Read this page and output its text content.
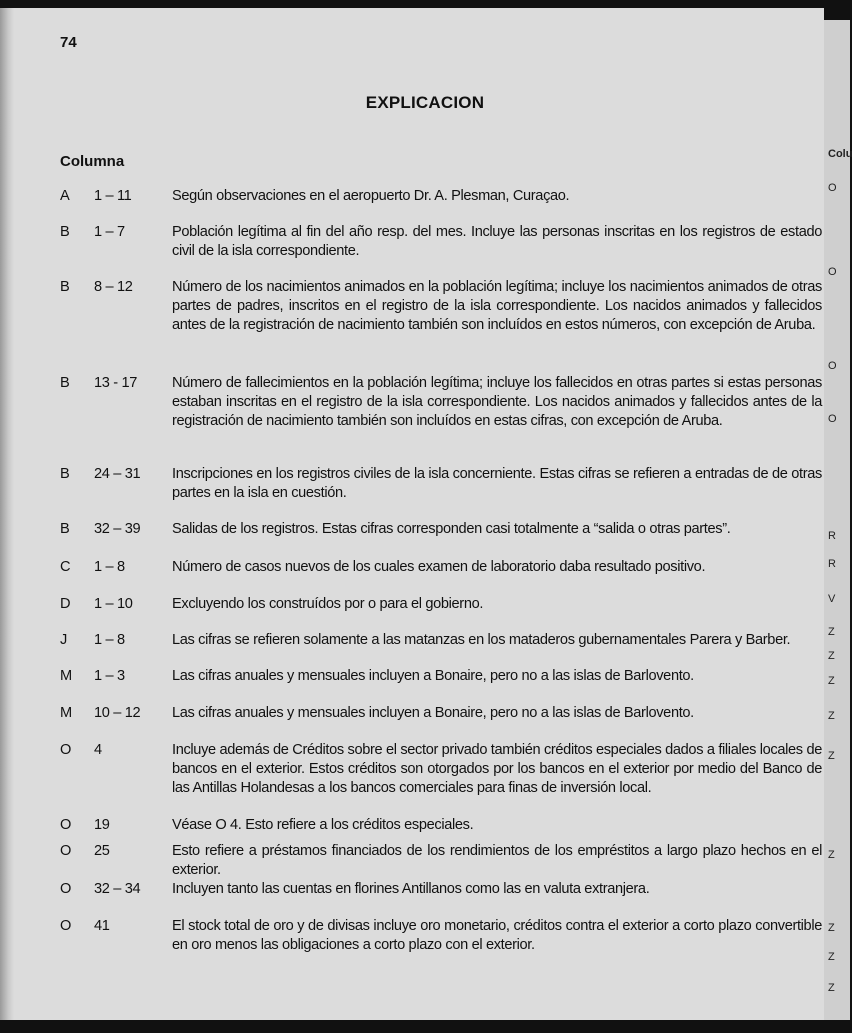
Colu
O
O
O
O
R
R
V
Z
Z
Z
Z
Z
Z
Z
Z
Z
74
EXPLICACION
Columna
A	1 – 11	Según observaciones en el aeropuerto Dr. A. Plesman, Curaçao.
B	1 – 7	Población legítima al fin del año resp. del mes. Incluye las personas inscritas en los registros de estado civil de la isla correspondiente.
B	8 – 12	Número de los nacimientos animados en la población legítima; incluye los nacimientos animados de otras partes de padres, inscritos en el registro de la isla correspondiente. Los nacidos animados y fallecidos antes de la registración de nacimiento también son incluídos en estos números, con excepción de Aruba.
B	13 - 17	Número de fallecimientos en la población legítima; incluye los fallecidos en otras partes si estas personas estaban inscritas en el registro de la isla correspondiente. Los nacidos animados y fallecidos antes de la registración de nacimiento también son incluídos en estas cifras, con excepción de Aruba.
B	24 – 31	Inscripciones en los registros civiles de la isla concerniente. Estas cifras se refieren a entradas de de otras partes en la isla en cuestión.
B	32 – 39	Salidas de los registros. Estas cifras corresponden casi totalmente a “salida o otras partes”.
C	1 – 8	Número de casos nuevos de los cuales examen de laboratorio daba resultado positivo.
D	1 – 10	Excluyendo los construídos por o para el gobierno.
J	1 – 8	Las cifras se refieren solamente a las matanzas en los mataderos gubernamentales Parera y Barber.
M	1 – 3	Las cifras anuales y mensuales incluyen a Bonaire, pero no a las islas de Barlovento.
M	10 – 12	Las cifras anuales y mensuales incluyen a Bonaire, pero no a las islas de Barlovento.
O	4	Incluye además de Créditos sobre el sector privado también créditos especiales dados a filiales locales de bancos en el exterior. Estos créditos son otorgados por los bancos en el exterior por medio del Banco de las Antillas Holandesas a los bancos comerciales para finas de inversión local.
O	19	Véase O 4. Esto refiere a los créditos especiales.
O	25	Esto refiere a préstamos financiados de los rendimientos de los empréstitos a largo plazo hechos en el exterior.
O	32 – 34	Incluyen tanto las cuentas en florines Antillanos como las en valuta extranjera.
O	41	El stock total de oro y de divisas incluye oro monetario, créditos contra el exterior a corto plazo convertible en oro menos las obligaciones a corto plazo con el exterior.
